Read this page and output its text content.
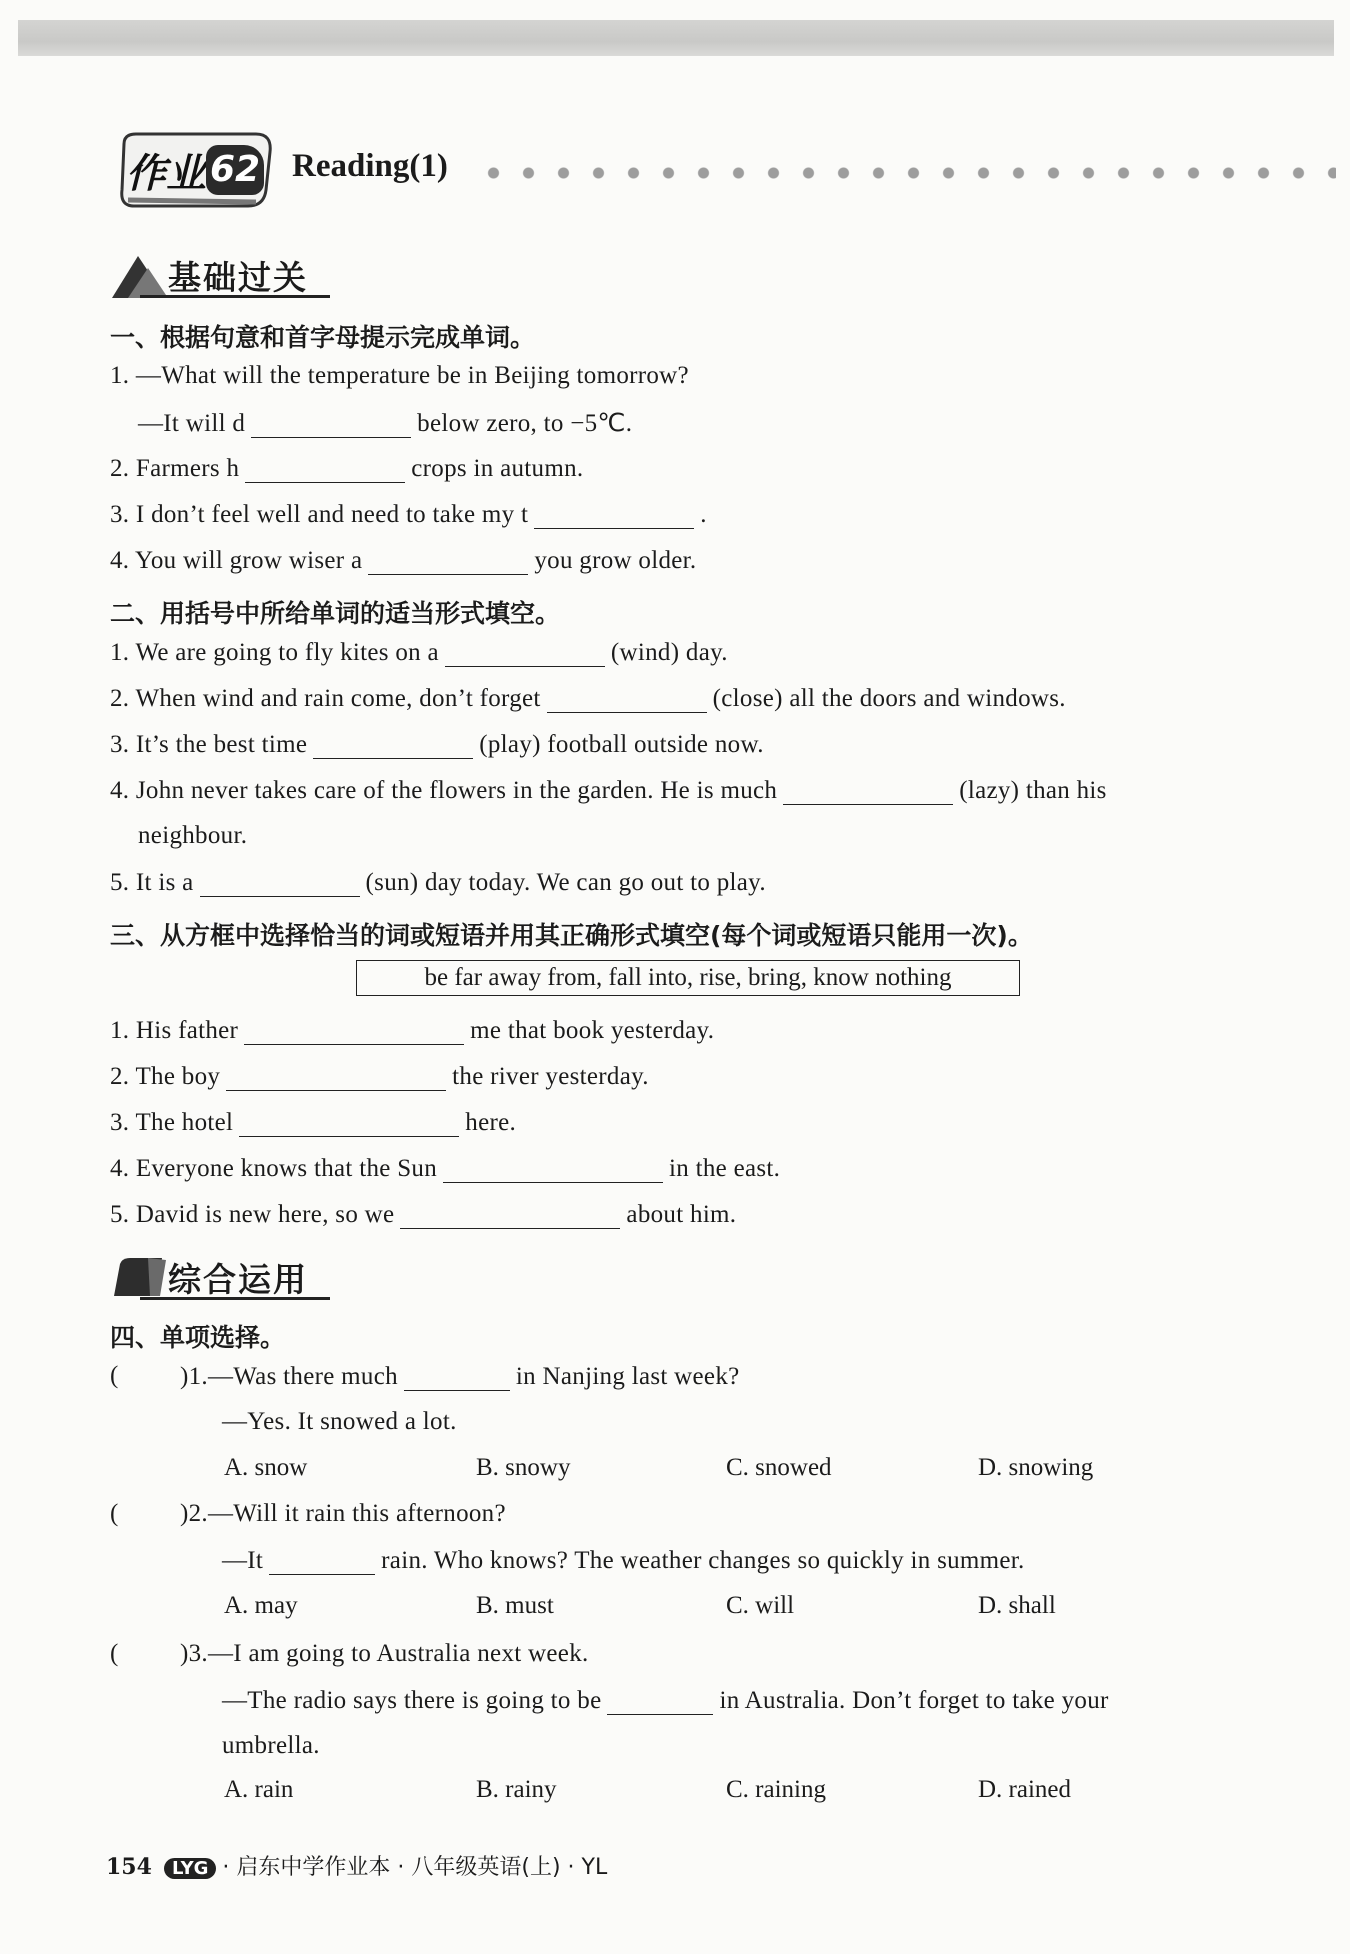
作业 62 Reading(1)
基础过关
一、根据句意和首字母提示完成单词。
1. —What will the temperature be in Beijing tomorrow?
—It will d	below zero, to −5℃.
2. Farmers h	crops in autumn.
3. I don’t feel well and need to take my t	.
4. You will grow wiser a	you grow older.
二、用括号中所给单词的适当形式填空。
1. We are going to fly kites on a	(wind) day.
2. When wind and rain come, don’t forget	(close) all the doors and windows.
3. It’s the best time	(play) football outside now.
4. John never takes care of the flowers in the garden. He is much	(lazy) than his
neighbour.
5. It is a	(sun) day today. We can go out to play.
三、从方框中选择恰当的词或短语并用其正确形式填空(每个词或短语只能用一次)。
be far away from, fall into, rise, bring, know nothing
1. His father	me that book yesterday.
2. The boy	the river yesterday.
3. The hotel	here.
4. Everyone knows that the Sun	in the east.
5. David is new here, so we	about him.
综合运用
四、单项选择。
( )1.—Was there much	in Nanjing last week?
—Yes. It snowed a lot.
A. snow	B. snowy	C. snowed	D. snowing
( )2.—Will it rain this afternoon?
—It	rain. Who knows? The weather changes so quickly in summer.
A. may	B. must	C. will	D. shall
( )3.—I am going to Australia next week.
—The radio says there is going to be	in Australia. Don’t forget to take your
umbrella.
A. rain	B. rainy	C. raining	D. rained
154 LYG · 启东中学作业本 · 八年级英语(上) · YL
